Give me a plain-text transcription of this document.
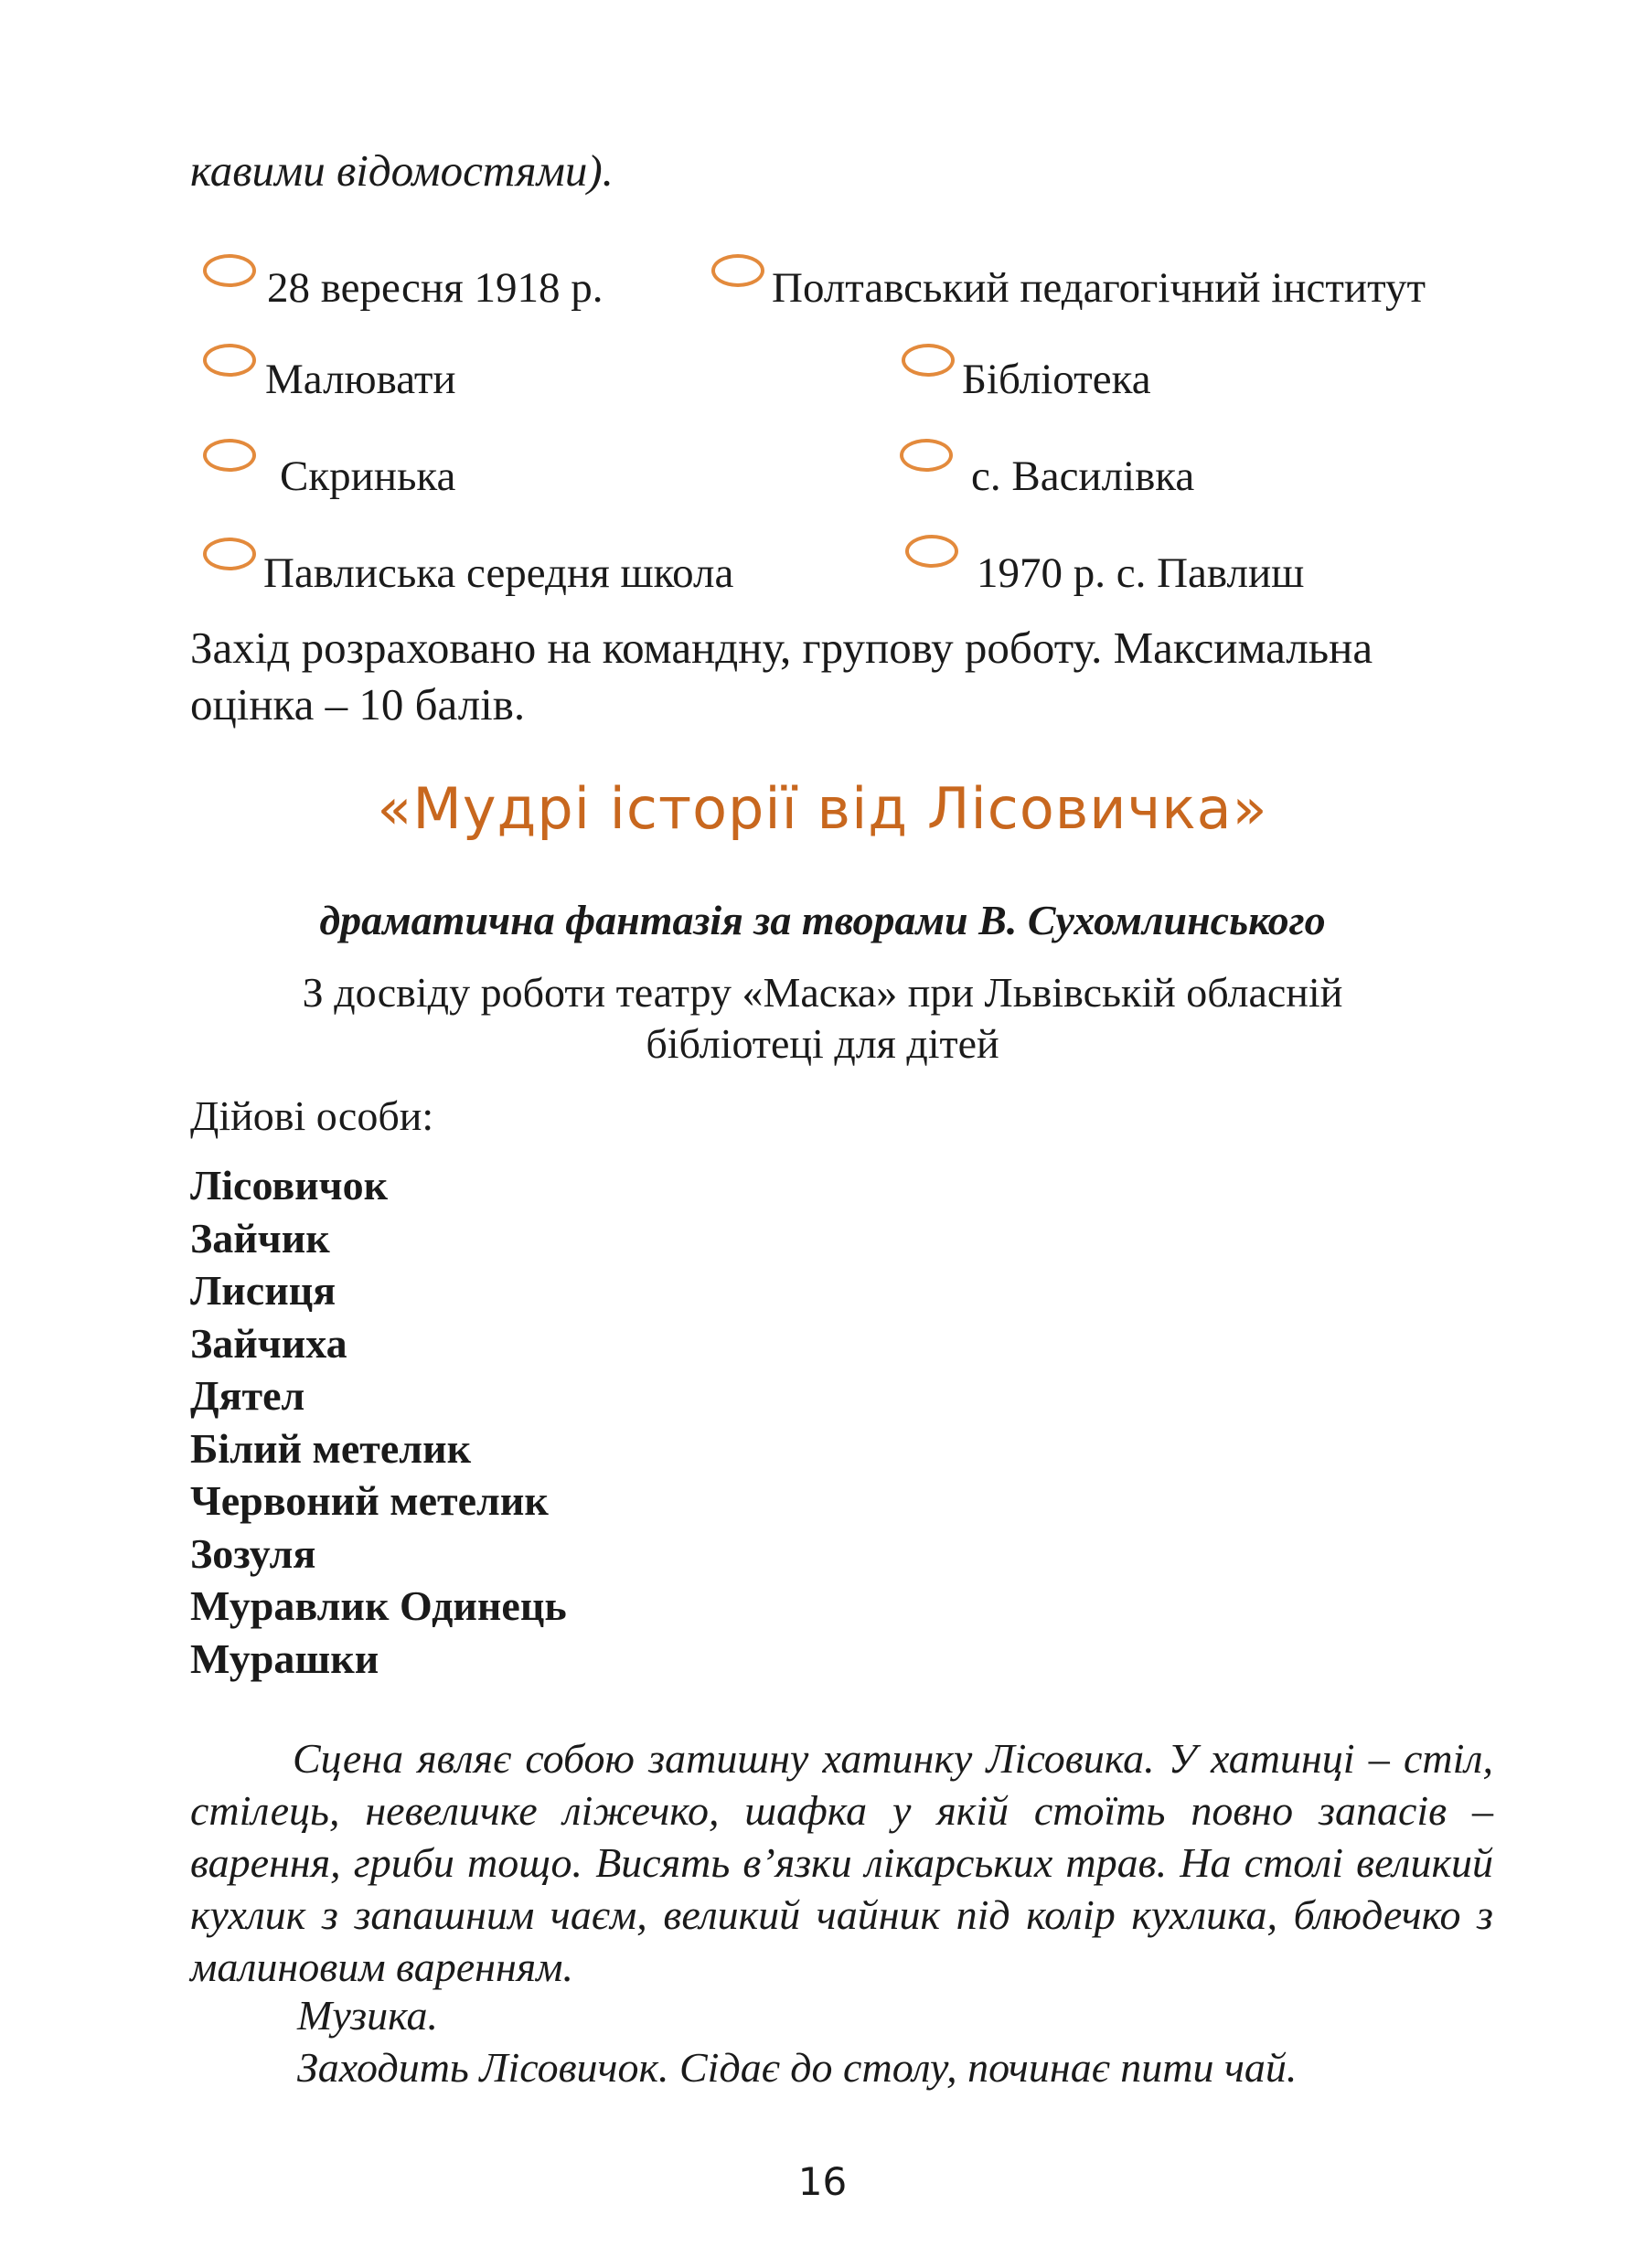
кавими відомостями).
28 вересня 1918 р.	Полтавський педагогічний інститут
Малювати	Бібліотека
Скринька	с. Василівка
Павлиська середня школа	1970 р. с. Павлиш
Захід розраховано на командну, групову роботу. Максимальна оцінка – 10 балів.
«Мудрі історії від Лісовичка»
драматична фантазія за творами В. Сухомлинського
З досвіду роботи театру «Маска» при Львівській обласній
бібліотеці для дітей
Дійові особи:
Лісовичок
Зайчик
Лисиця
Зайчиха
Дятел
Білий метелик
Червоний метелик
Зозуля
Муравлик Одинець
Мурашки

Сцена являє собою затишну хатинку Лісовика. У хатинці – стіл, стілець, невеличке ліжечко, шафка у якій стоїть повно запасів – варення, гриби тощо. Висять в’язки лікарських трав. На столі великий кухлик з запашним чаєм, великий чайник під колір кухлика, блюдечко з малиновим варенням.

Музика.
Заходить Лісовичок. Сідає до столу, починає пити чай.
16
